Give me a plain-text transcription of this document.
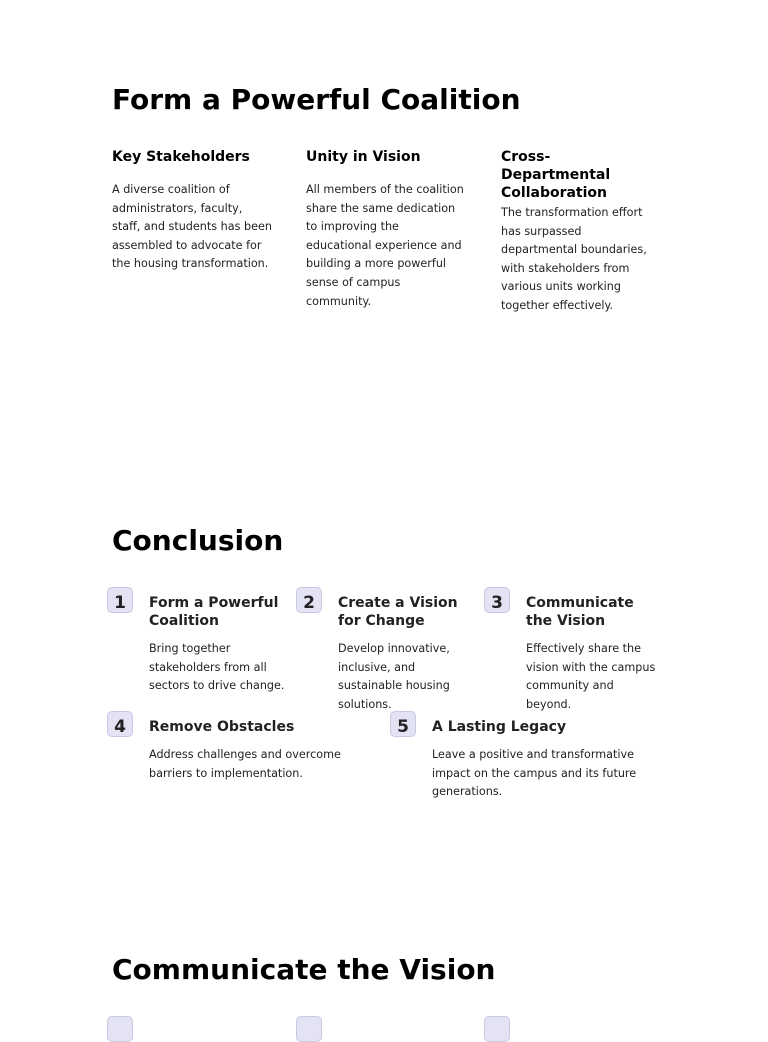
Form a Powerful Coalition
Key Stakeholders

A diverse coalition of administrators, faculty, staff, and students has been assembled to advocate for the housing transformation.

Unity in Vision

All members of the coalition share the same dedication to improving the educational experience and building a more powerful sense of campus community.

Cross-Departmental Collaboration

The transformation effort has surpassed departmental boundaries, with stakeholders from various units working together effectively.

Conclusion
1	Form a Powerful Coalition

Bring together stakeholders from all sectors to drive change.

2	Create a Vision for Change

Develop innovative, inclusive, and sustainable housing solutions.

3	Communicate the Vision

Effectively share the vision with the campus community and beyond.

4	Remove Obstacles

Address challenges and overcome barriers to implementation.

5	A Lasting Legacy

Leave a positive and transformative impact on the campus and its future generations.

Communicate the Vision
